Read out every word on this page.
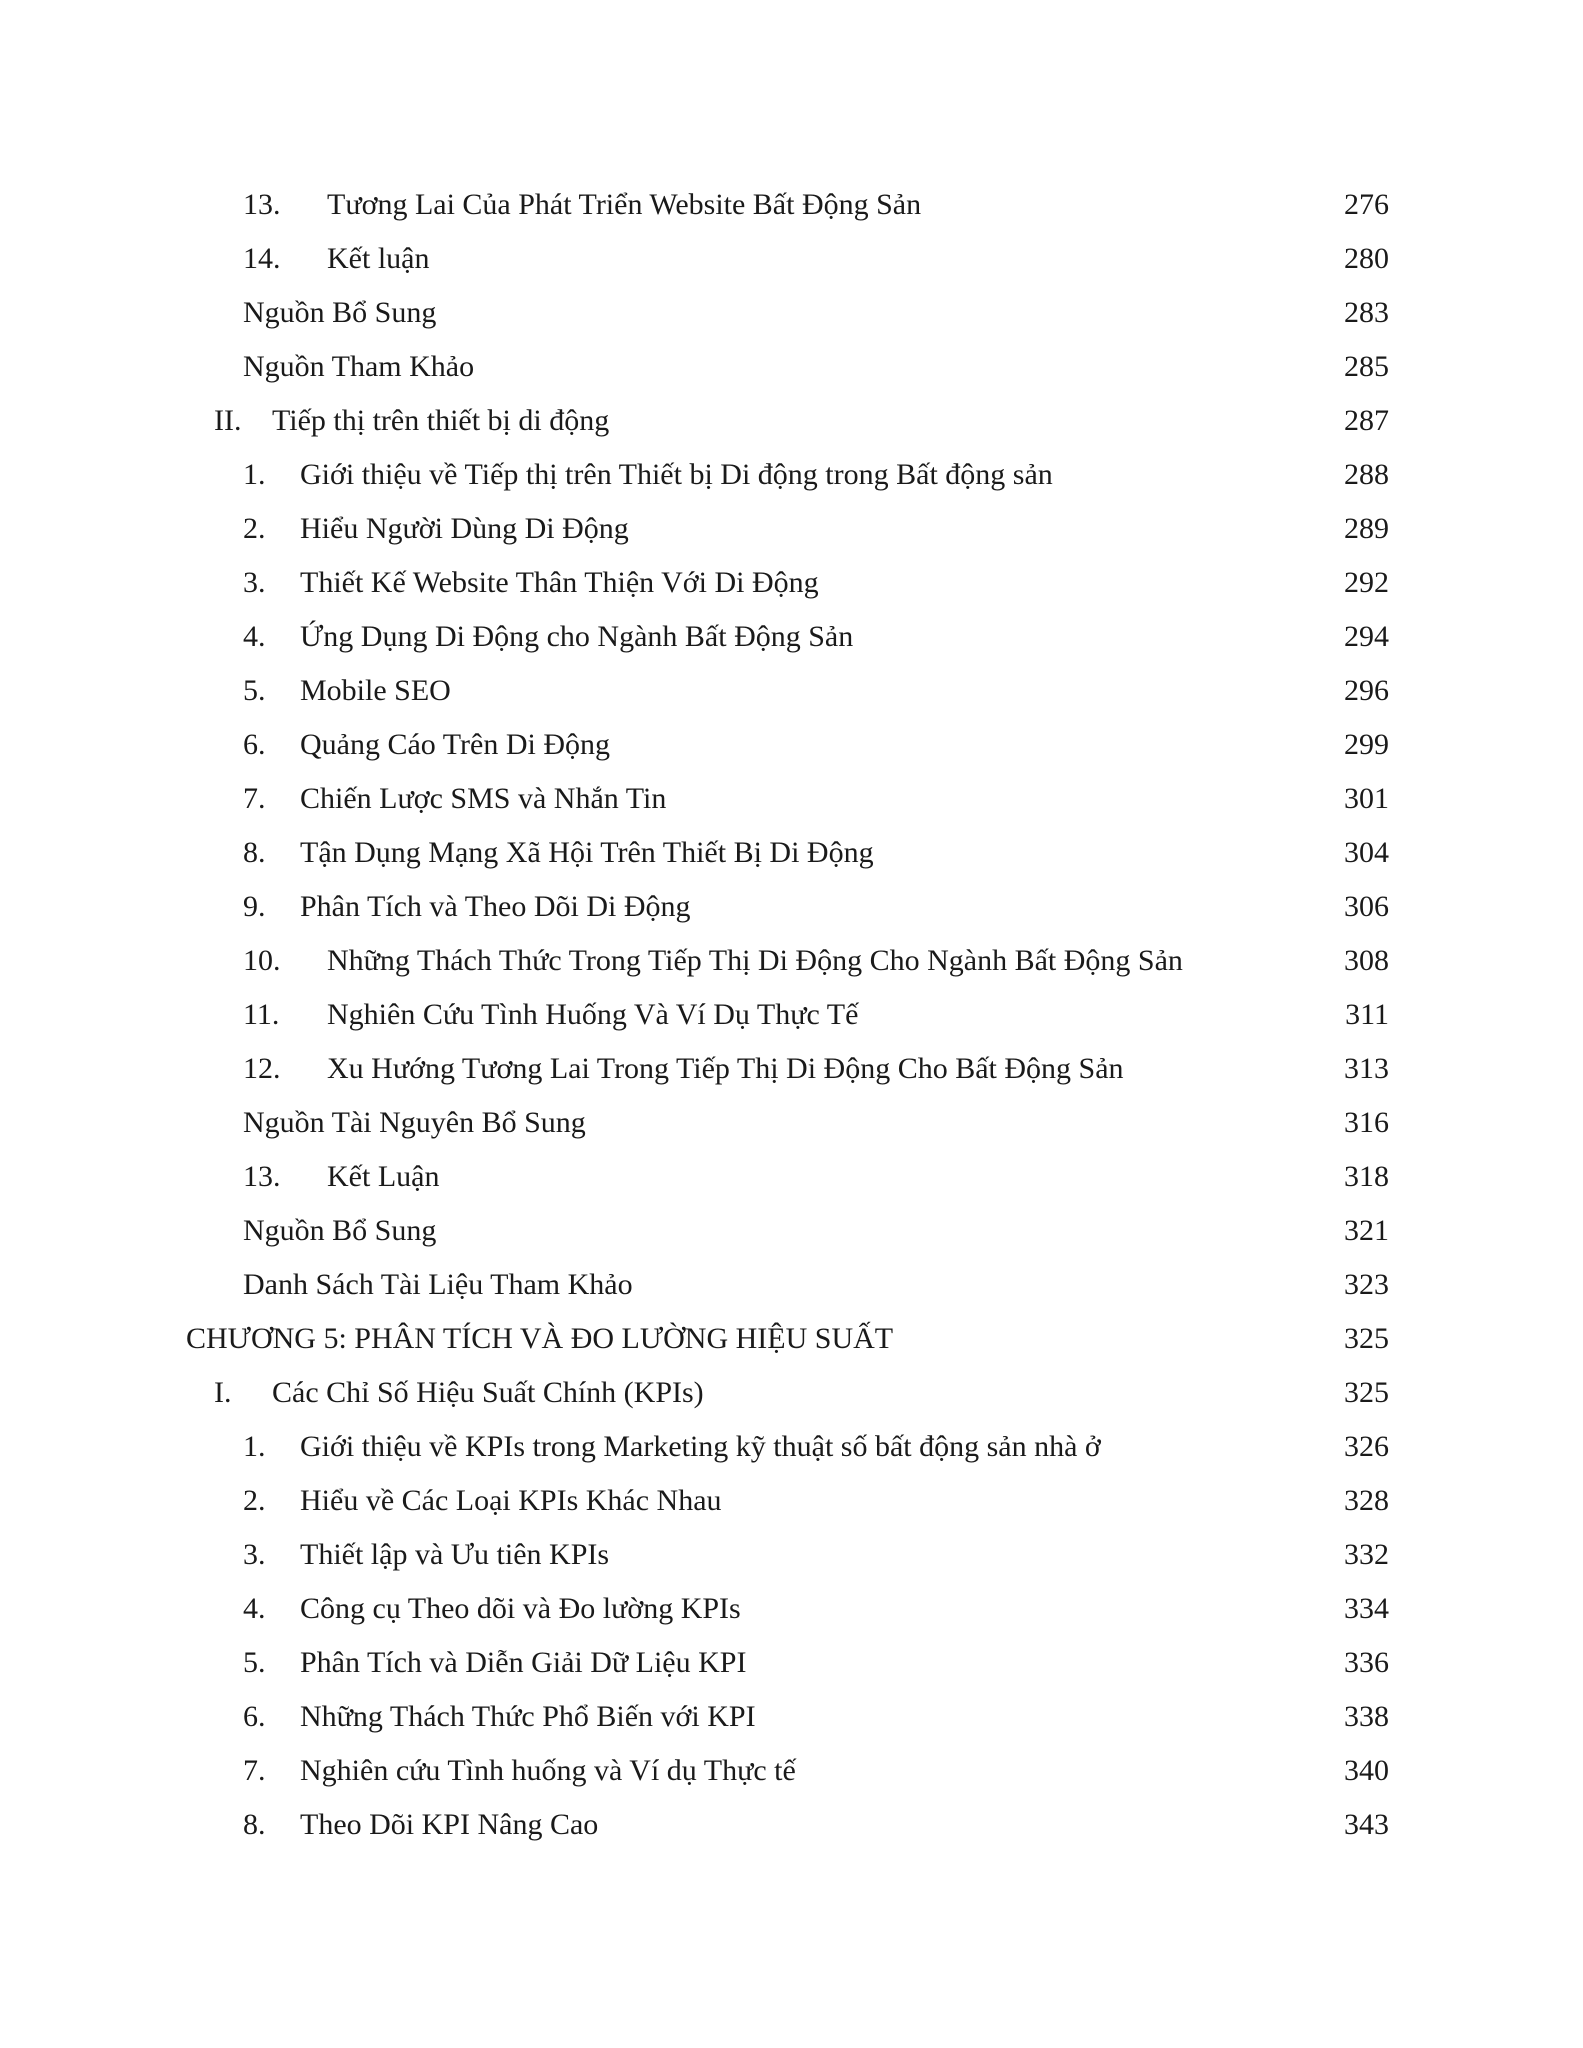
13. Tương Lai Của Phát Triển Website Bất Động Sản	276
14. Kết luận	280
Nguồn Bổ Sung	283
Nguồn Tham Khảo	285
II. Tiếp thị trên thiết bị di động	287
1. Giới thiệu về Tiếp thị trên Thiết bị Di động trong Bất động sản	288
2. Hiểu Người Dùng Di Động	289
3. Thiết Kế Website Thân Thiện Với Di Động	292
4. Ứng Dụng Di Động cho Ngành Bất Động Sản	294
5. Mobile SEO	296
6. Quảng Cáo Trên Di Động	299
7. Chiến Lược SMS và Nhắn Tin	301
8. Tận Dụng Mạng Xã Hội Trên Thiết Bị Di Động	304
9. Phân Tích và Theo Dõi Di Động	306
10. Những Thách Thức Trong Tiếp Thị Di Động Cho Ngành Bất Động Sản	308
11. Nghiên Cứu Tình Huống Và Ví Dụ Thực Tế	311
12. Xu Hướng Tương Lai Trong Tiếp Thị Di Động Cho Bất Động Sản	313
Nguồn Tài Nguyên Bổ Sung	316
13. Kết Luận	318
Nguồn Bổ Sung	321
Danh Sách Tài Liệu Tham Khảo	323
CHƯƠNG 5: PHÂN TÍCH VÀ ĐO LƯỜNG HIỆU SUẤT	325
I. Các Chỉ Số Hiệu Suất Chính (KPIs)	325
1. Giới thiệu về KPIs trong Marketing kỹ thuật số bất động sản nhà ở	326
2. Hiểu về Các Loại KPIs Khác Nhau	328
3. Thiết lập và Ưu tiên KPIs	332
4. Công cụ Theo dõi và Đo lường KPIs	334
5. Phân Tích và Diễn Giải Dữ Liệu KPI	336
6. Những Thách Thức Phổ Biến với KPI	338
7. Nghiên cứu Tình huống và Ví dụ Thực tế	340
8. Theo Dõi KPI Nâng Cao	343
